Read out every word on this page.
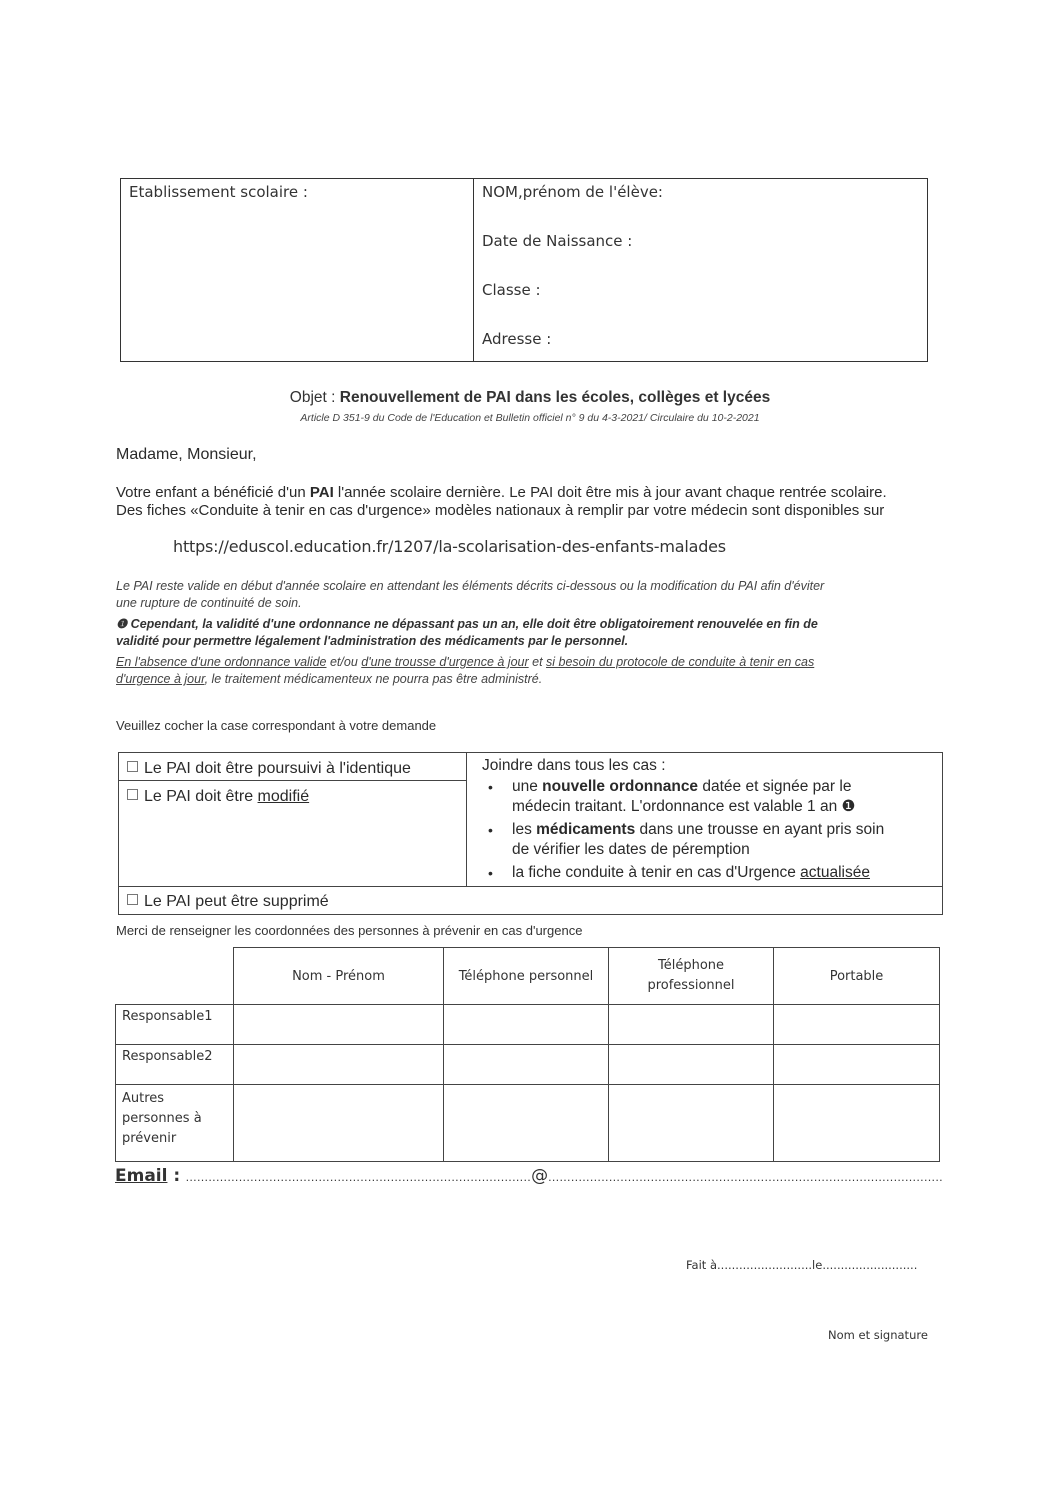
Etablissement scolaire :	NOM,prénom de l'élève:
Date de Naissance :
Classe :
Adresse :
Objet : Renouvellement de PAI dans les écoles, collèges et lycées
Article D 351-9 du Code de l'Education et Bulletin officiel n° 9 du 4-3-2021/ Circulaire du 10-2-2021
Madame, Monsieur,

Votre enfant a bénéficié d'un PAI l'année scolaire dernière. Le PAI doit être mis à jour avant chaque rentrée scolaire.

Des fiches «Conduite à tenir en cas d'urgence» modèles nationaux à remplir par votre médecin sont disponibles sur

https://eduscol.education.fr/1207/la-scolarisation-des-enfants-malades

Le PAI reste valide en début d'année scolaire en attendant les éléments décrits ci-dessous ou la modification du PAI afin d'éviter

une rupture de continuité de soin.

❶ Cependant, la validité d'une ordonnance ne dépassant pas un an, elle doit être obligatoirement renouvelée en fin de

validité pour permettre légalement l'administration des médicaments par le personnel.

En l'absence d'une ordonnance valide et/ou d'une trousse d'urgence à jour et si besoin du protocole de conduite à tenir en cas

d'urgence à jour, le traitement médicamenteux ne pourra pas être administré.

Veuillez cocher la case correspondant à votre demande
Le PAI doit être poursuivi à l'identique
Le PAI doit être modifié
Le PAI peut être supprimé
Joindre dans tous les cas :
• une nouvelle ordonnance datée et signée par le
médecin traitant. L'ordonnance est valable 1 an ❶
• les médicaments dans une trousse en ayant pris soin
de vérifier les dates de péremption
• la fiche conduite à tenir en cas d'Urgence actualisée
Merci de renseigner les coordonnées des personnes à prévenir en cas d'urgence
	Nom - Prénom	Téléphone personnel	Téléphone professionnel	Portable
Responsable1				
Responsable2				
Autres personnes à prévenir				
Email : ...........................................................................................@........................................................................................................
Fait à..........................le..........................
Nom et signature
